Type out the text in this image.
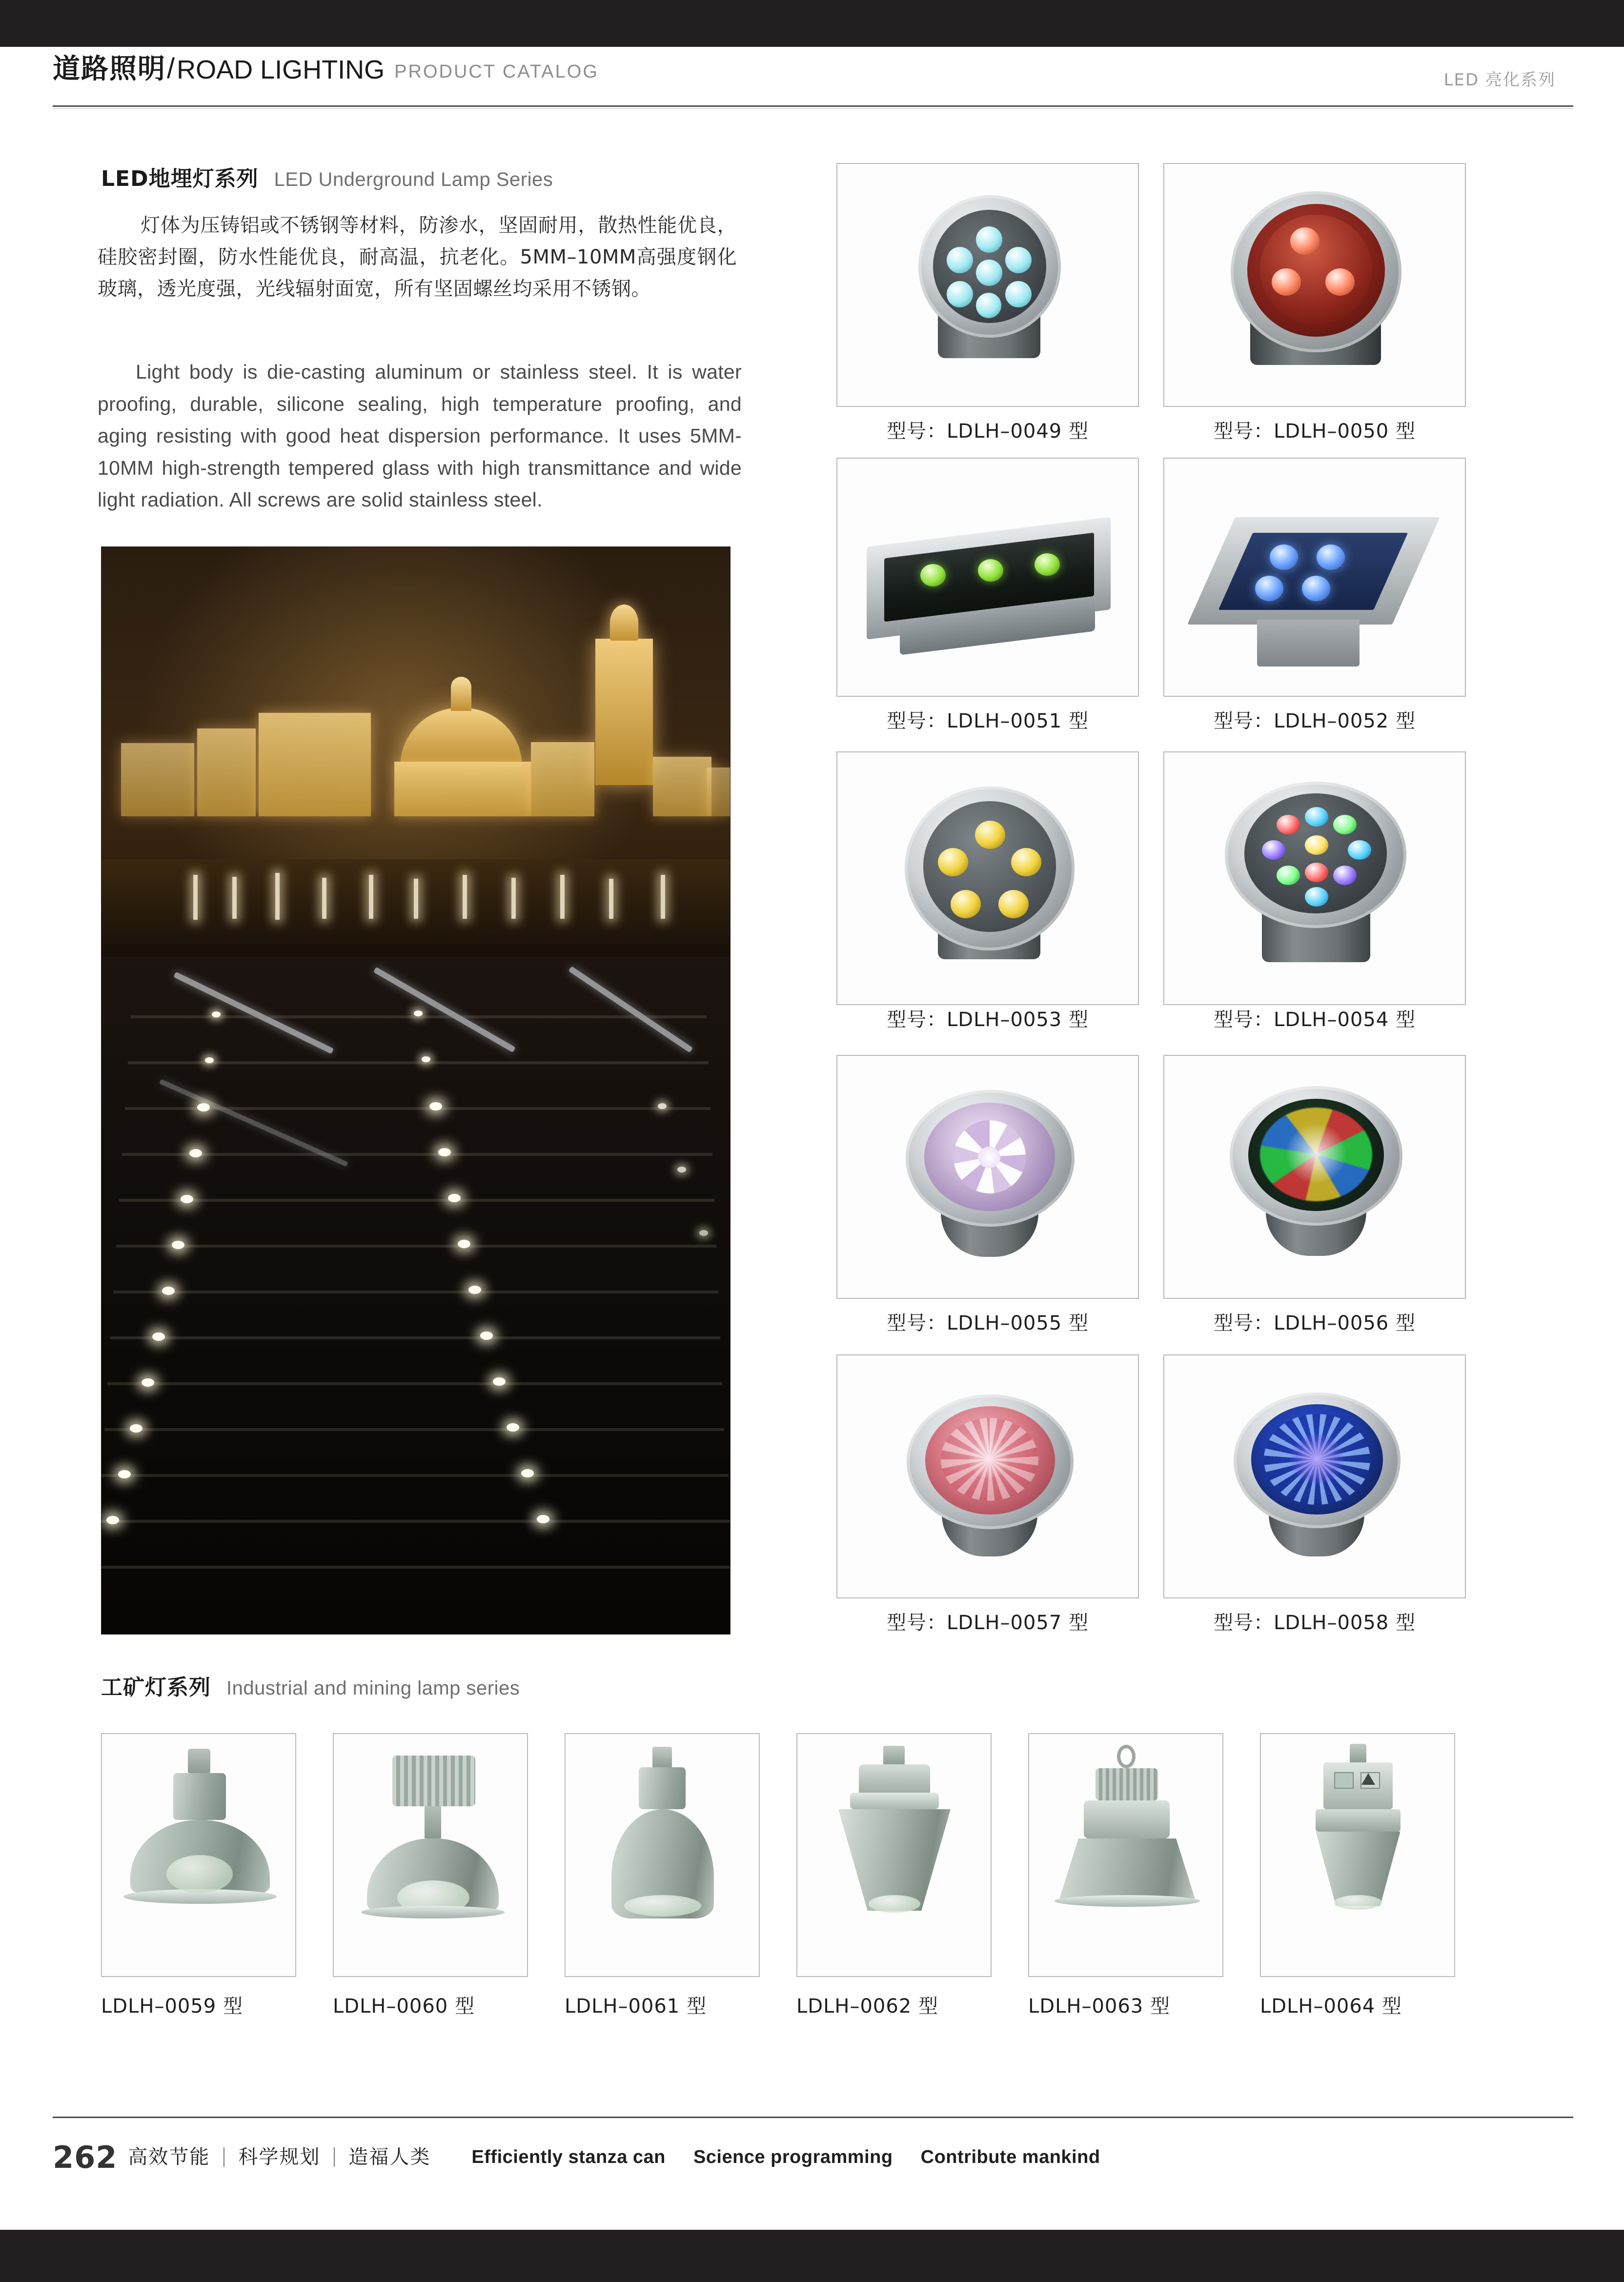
道路照明 / ROAD LIGHTING PRODUCT CATALOG	LED 亮化系列
LED地埋灯系列 LED Underground Lamp Series
灯体为压铸铝或不锈钢等材料，防渗水，坚固耐用，散热性能优良，硅胶密封圈，防水性能优良，耐高温，抗老化。5MM–10MM高强度钢化玻璃，透光度强，光线辐射面宽，所有坚固螺丝均采用不锈钢。
Light body is die-casting aluminum or stainless steel. It is water proofing, durable, silicone sealing, high temperature proofing, and aging resisting with good heat dispersion performance. It uses 5MM-10MM high-strength tempered glass with high transmittance and wide light radiation. All screws are solid stainless steel.
型号：LDLH–0049 型	型号：LDLH–0050 型
型号：LDLH–0051 型	型号：LDLH–0052 型
型号：LDLH–0053 型	型号：LDLH–0054 型
型号：LDLH–0055 型	型号：LDLH–0056 型
型号：LDLH–0057 型	型号：LDLH–0058 型
工矿灯系列 Industrial and mining lamp series
LDLH–0059 型	LDLH–0060 型	LDLH–0061 型	LDLH–0062 型	LDLH–0063 型	LDLH–0064 型
262 高效节能	科学规划	造福人类	Efficiently stanza can Science programming Contribute mankind
